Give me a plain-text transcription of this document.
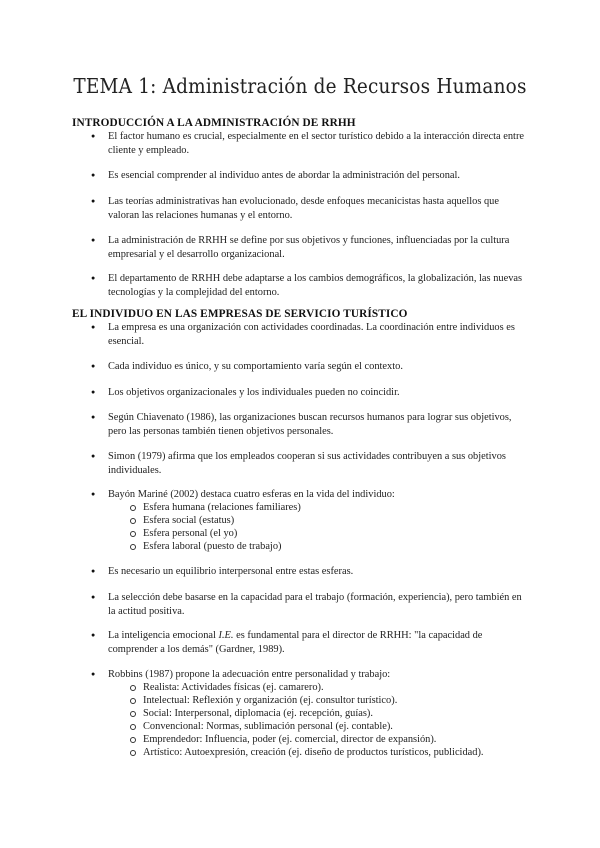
TEMA 1: Administración de Recursos Humanos
INTRODUCCIÓN A LA ADMINISTRACIÓN DE RRHH

● El factor humano es crucial, especialmente en el sector turístico debido a la interacción directa entre cliente y empleado.

● Es esencial comprender al individuo antes de abordar la administración del personal.

● Las teorías administrativas han evolucionado, desde enfoques mecanicistas hasta aquellos que valoran las relaciones humanas y el entorno.

● La administración de RRHH se define por sus objetivos y funciones, influenciadas por la cultura empresarial y el desarrollo organizacional.

● El departamento de RRHH debe adaptarse a los cambios demográficos, la globalización, las nuevas tecnologías y la complejidad del entorno.

EL INDIVIDUO EN LAS EMPRESAS DE SERVICIO TURÍSTICO

● La empresa es una organización con actividades coordinadas. La coordinación entre individuos es esencial.

● Cada individuo es único, y su comportamiento varía según el contexto.

● Los objetivos organizacionales y los individuales pueden no coincidir.

● Según Chiavenato (1986), las organizaciones buscan recursos humanos para lograr sus objetivos, pero las personas también tienen objetivos personales.

● Simon (1979) afirma que los empleados cooperan si sus actividades contribuyen a sus objetivos individuales.

● Bayón Mariné (2002) destaca cuatro esferas en la vida del individuo:

Esfera humana (relaciones familiares)

Esfera social (estatus)

Esfera personal (el yo)

Esfera laboral (puesto de trabajo)

● Es necesario un equilibrio interpersonal entre estas esferas.

● La selección debe basarse en la capacidad para el trabajo (formación, experiencia), pero también en la actitud positiva.

● La inteligencia emocional I.E. es fundamental para el director de RRHH: "la capacidad de comprender a los demás" (Gardner, 1989).

● Robbins (1987) propone la adecuación entre personalidad y trabajo:

Realista: Actividades físicas (ej. camarero).

Intelectual: Reflexión y organización (ej. consultor turístico).

Social: Interpersonal, diplomacia (ej. recepción, guías).

Convencional: Normas, sublimación personal (ej. contable).

Emprendedor: Influencia, poder (ej. comercial, director de expansión).

Artístico: Autoexpresión, creación (ej. diseño de productos turísticos, publicidad).
